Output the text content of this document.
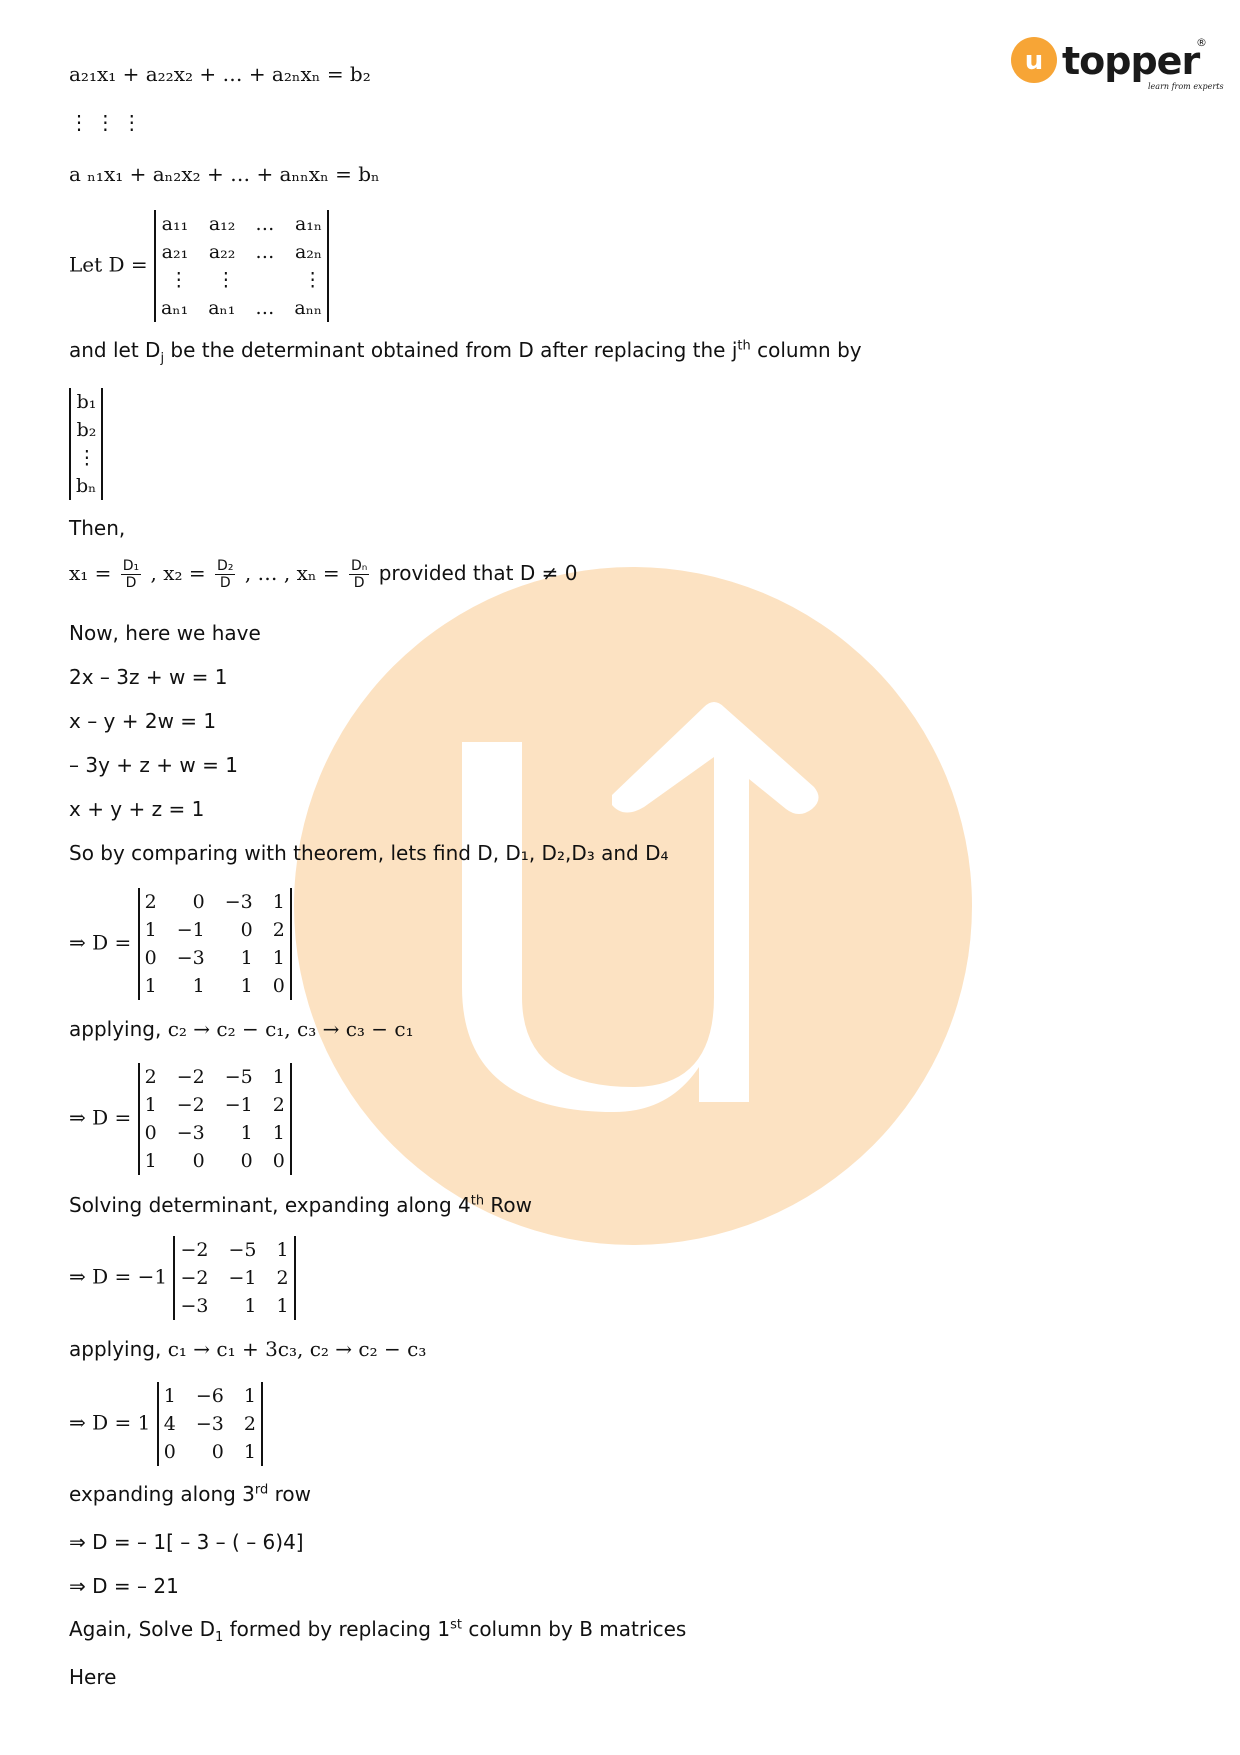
u topper
®
learn from experts
a₂₁x₁ + a₂₂x₂ + … + a₂ₙxₙ = b₂
⋮ ⋮ ⋮
a ₙ₁x₁ + aₙ₂x₂ + … + aₙₙxₙ = bₙ
Let D =
a₁₁	a₁₂	…	a₁ₙ
a₂₁	a₂₂	…	a₂ₙ
⋮	⋮		⋮
aₙ₁	aₙ₁	…	aₙₙ
and let $D_j$ be the determinant obtained from D after replacing the $j^{th}$ column by
b₁
b₂
⋮
bₙ
Then,
$x_1 = \frac{\text{D₁}}{D}$ , $x_2 = \frac{\text{D₂}}{D}$ , … , $x_n = \frac{\text{Dₙ}}{D}$ provided that D ≠ 0
Now, here we have
2x – 3z + w = 1
x – y + 2w = 1
– 3y + z + w = 1
x + y + z = 1
So by comparing with theorem, lets find D, D₁, D₂,D₃ and D₄
⇒ D =
2	0	−3	1
1	−1	0	2
0	−3	1	1
1	1	1	0
applying, c₂ → c₂ − c₁, c₃ → c₃ − c₁
⇒ D =
2	−2	−5	1
1	−2	−1	2
0	−3	1	1
1	0	0	0
Solving determinant, expanding along 4th Row
⇒ D = −1
−2	−5	1
−2	−1	2
−3	1	1
applying, c₁ → c₁ + 3c₃, c₂ → c₂ − c₃
⇒ D = 1
1	−6	1
4	−3	2
0	0	1
expanding along 3rd row
⇒ D = – 1[ – 3 – ( – 6)4]
⇒ D = – 21
Again, Solve $D_1$ formed by replacing 1st column by B matrices
Here
